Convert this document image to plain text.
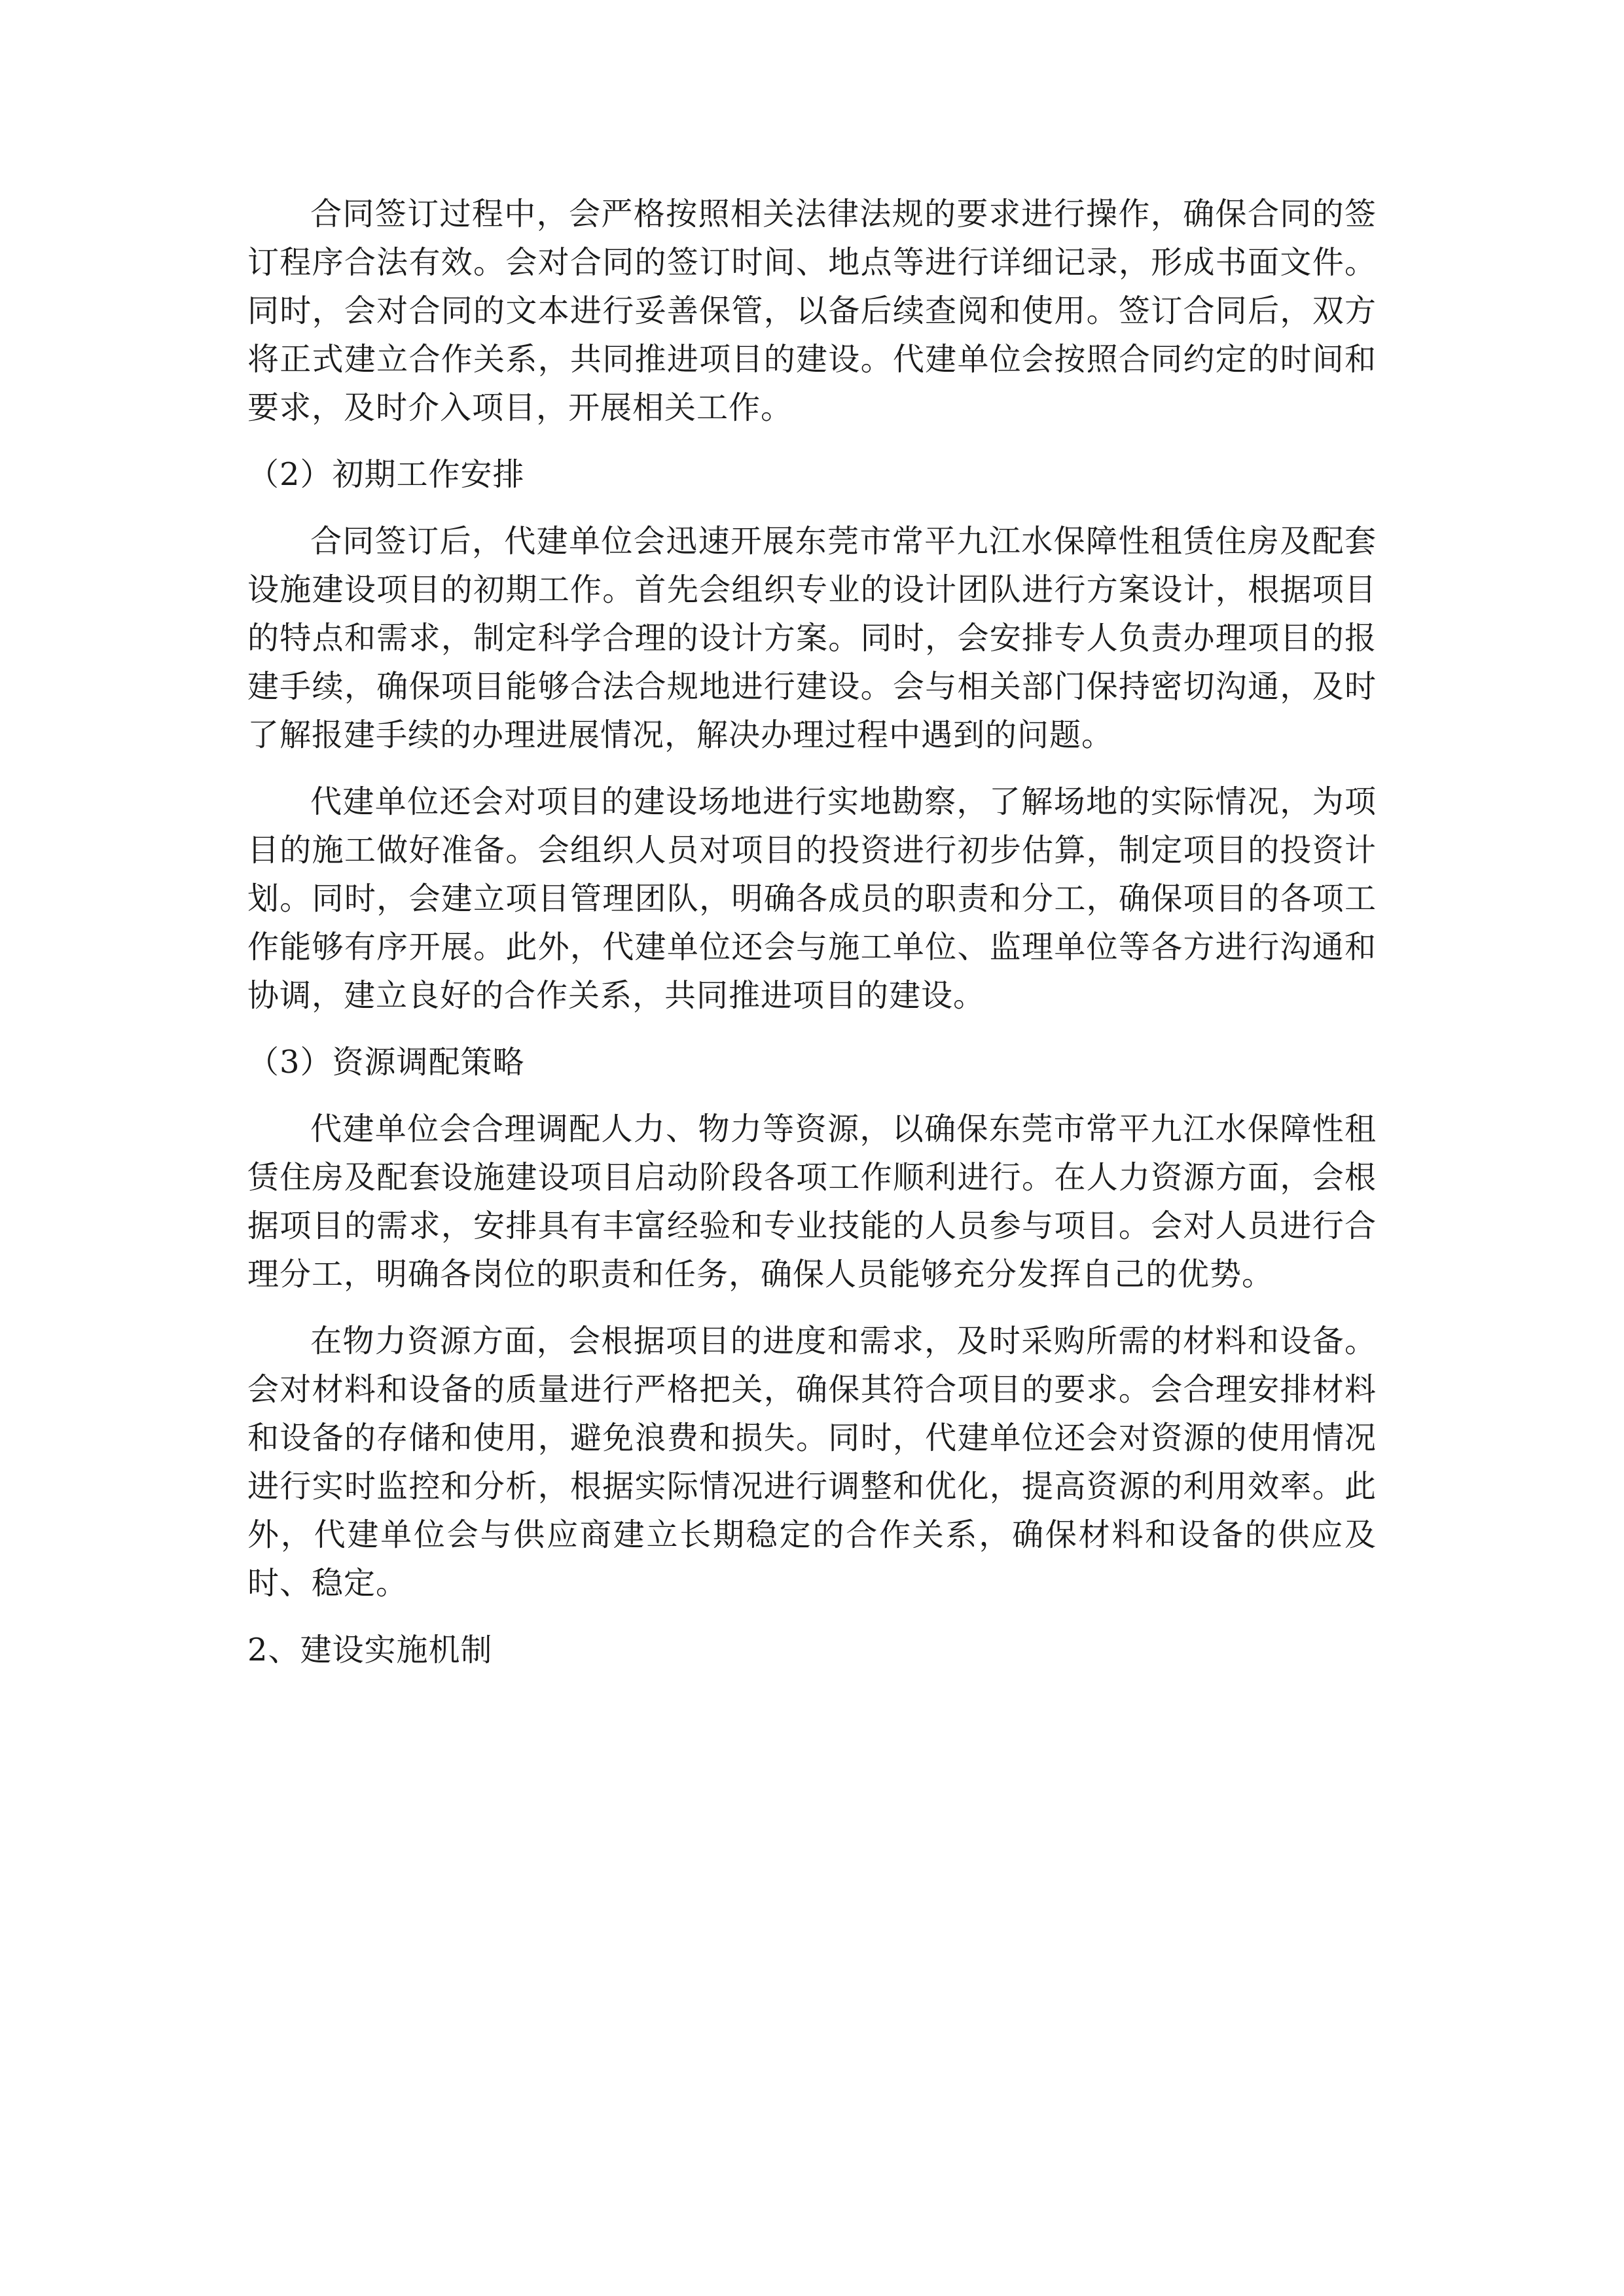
合同签订过程中，会严格按照相关法律法规的要求进行操作，确保合同的签订程序合法有效。会对合同的签订时间、地点等进行详细记录，形成书面文件。同时，会对合同的文本进行妥善保管，以备后续查阅和使用。签订合同后，双方将正式建立合作关系，共同推进项目的建设。代建单位会按照合同约定的时间和要求，及时介入项目，开展相关工作。

（2）初期工作安排

合同签订后，代建单位会迅速开展东莞市常平九江水保障性租赁住房及配套设施建设项目的初期工作。首先会组织专业的设计团队进行方案设计，根据项目的特点和需求，制定科学合理的设计方案。同时，会安排专人负责办理项目的报建手续，确保项目能够合法合规地进行建设。会与相关部门保持密切沟通，及时了解报建手续的办理进展情况，解决办理过程中遇到的问题。

代建单位还会对项目的建设场地进行实地勘察，了解场地的实际情况，为项目的施工做好准备。会组织人员对项目的投资进行初步估算，制定项目的投资计划。同时，会建立项目管理团队，明确各成员的职责和分工，确保项目的各项工作能够有序开展。此外，代建单位还会与施工单位、监理单位等各方进行沟通和协调，建立良好的合作关系，共同推进项目的建设。

（3）资源调配策略

代建单位会合理调配人力、物力等资源，以确保东莞市常平九江水保障性租赁住房及配套设施建设项目启动阶段各项工作顺利进行。在人力资源方面，会根据项目的需求，安排具有丰富经验和专业技能的人员参与项目。会对人员进行合理分工，明确各岗位的职责和任务，确保人员能够充分发挥自己的优势。

在物力资源方面，会根据项目的进度和需求，及时采购所需的材料和设备。会对材料和设备的质量进行严格把关，确保其符合项目的要求。会合理安排材料和设备的存储和使用，避免浪费和损失。同时，代建单位还会对资源的使用情况进行实时监控和分析，根据实际情况进行调整和优化，提高资源的利用效率。此外，代建单位会与供应商建立长期稳定的合作关系，确保材料和设备的供应及时、稳定。

2、建设实施机制
